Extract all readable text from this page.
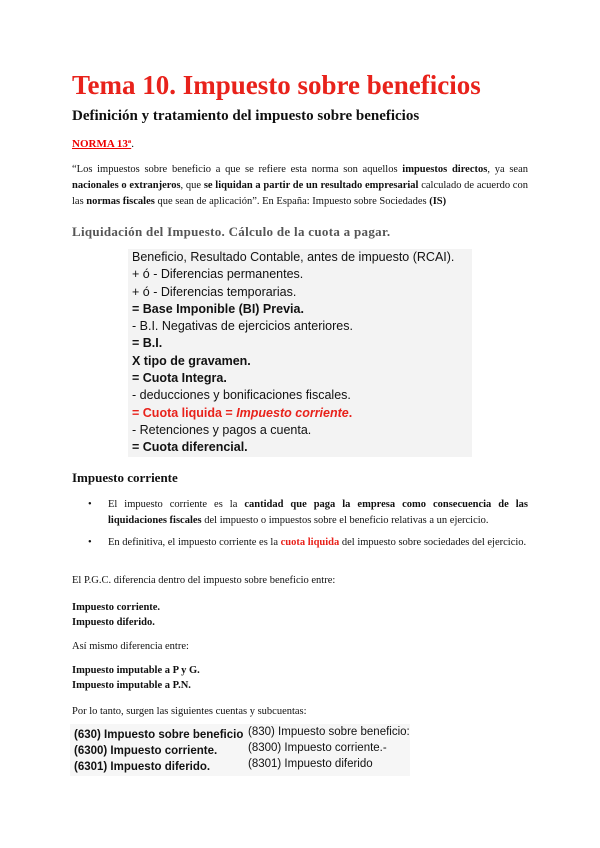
Tema 10. Impuesto sobre beneficios
Definición y tratamiento del impuesto sobre beneficios
NORMA 13ª.
“Los impuestos sobre beneficio a que se refiere esta norma son aquellos impuestos directos, ya sean nacionales o extranjeros, que se liquidan a partir de un resultado empresarial calculado de acuerdo con las normas fiscales que sean de aplicación”. En España: Impuesto sobre Sociedades (IS)
Liquidación del Impuesto. Cálculo de la cuota a pagar.
Beneficio, Resultado Contable, antes de impuesto (RCAI).
+ ó - Diferencias permanentes.
+ ó - Diferencias temporarias.
= Base Imponible (BI) Previa.
- B.I. Negativas de ejercicios anteriores.
= B.I.
X tipo de gravamen.
= Cuota Integra.
- deducciones y bonificaciones fiscales.
= Cuota liquida = Impuesto corriente.
- Retenciones y pagos a cuenta.
= Cuota diferencial.
Impuesto corriente
• El impuesto corriente es la cantidad que paga la empresa como consecuencia de las liquidaciones fiscales del impuesto o impuestos sobre el beneficio relativas a un ejercicio.
• En definitiva, el impuesto corriente es la cuota liquida del impuesto sobre sociedades del ejercicio.
El P.G.C. diferencia dentro del impuesto sobre beneficio entre:
Impuesto corriente.
Impuesto diferido.
Así mismo diferencia entre:
Impuesto imputable a P y G.
Impuesto imputable a P.N.
Por lo tanto, surgen las siguientes cuentas y subcuentas:
(630) Impuesto sobre beneficio
(6300) Impuesto corriente.
(6301) Impuesto diferido.
(830) Impuesto sobre beneficio:
(8300) Impuesto corriente.-
(8301) Impuesto diferido
